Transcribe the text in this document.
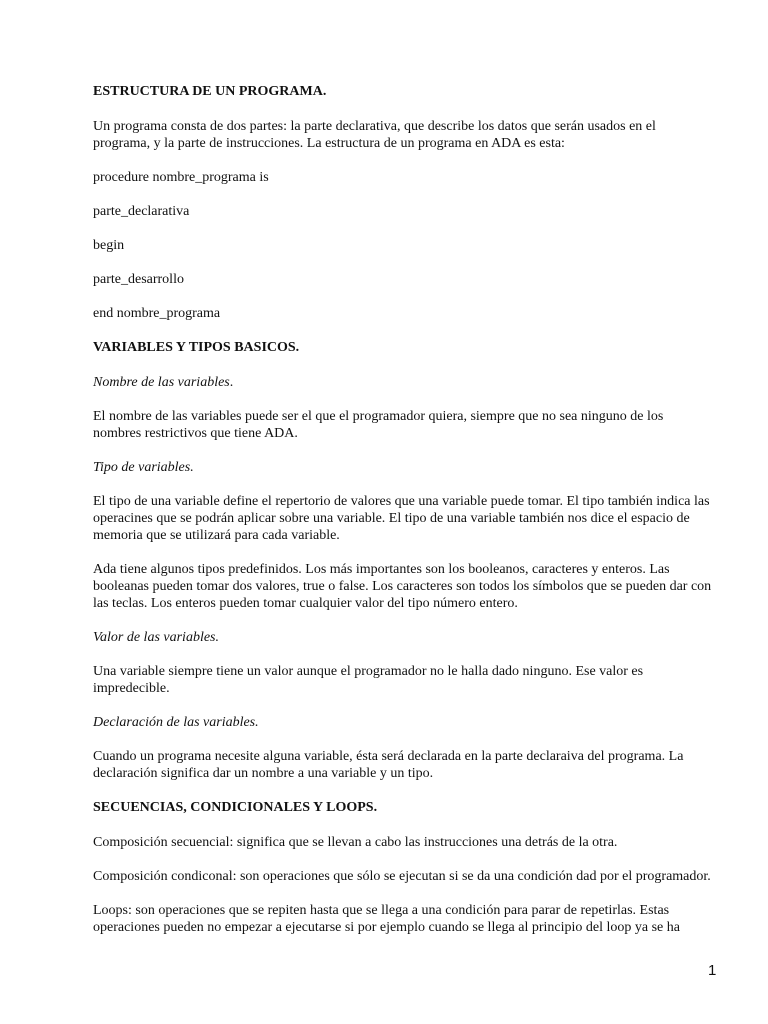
ESTRUCTURA DE UN PROGRAMA.

Un programa consta de dos partes: la parte declarativa, que describe los datos que serán usados en el

programa, y la parte de instrucciones. La estructura de un programa en ADA es esta:

procedure nombre_programa is

parte_declarativa

begin

parte_desarrollo

end nombre_programa

VARIABLES Y TIPOS BASICOS.

Nombre de las variables.

El nombre de las variables puede ser el que el programador quiera, siempre que no sea ninguno de los

nombres restrictivos que tiene ADA.

Tipo de variables.

El tipo de una variable define el repertorio de valores que una variable puede tomar. El tipo también indica las

operacines que se podrán aplicar sobre una variable. El tipo de una variable también nos dice el espacio de

memoria que se utilizará para cada variable.

Ada tiene algunos tipos predefinidos. Los más importantes son los booleanos, caracteres y enteros. Las

booleanas pueden tomar dos valores, true o false. Los caracteres son todos los símbolos que se pueden dar con

las teclas. Los enteros pueden tomar cualquier valor del tipo número entero.

Valor de las variables.

Una variable siempre tiene un valor aunque el programador no le halla dado ninguno. Ese valor es

impredecible.

Declaración de las variables.

Cuando un programa necesite alguna variable, ésta será declarada en la parte declaraiva del programa. La

declaración significa dar un nombre a una variable y un tipo.

SECUENCIAS, CONDICIONALES Y LOOPS.

Composición secuencial: significa que se llevan a cabo las instrucciones una detrás de la otra.

Composición condiconal: son operaciones que sólo se ejecutan si se da una condición dad por el programador.

Loops: son operaciones que se repiten hasta que se llega a una condición para parar de repetirlas. Estas

operaciones pueden no empezar a ejecutarse si por ejemplo cuando se llega al principio del loop ya se ha

1
